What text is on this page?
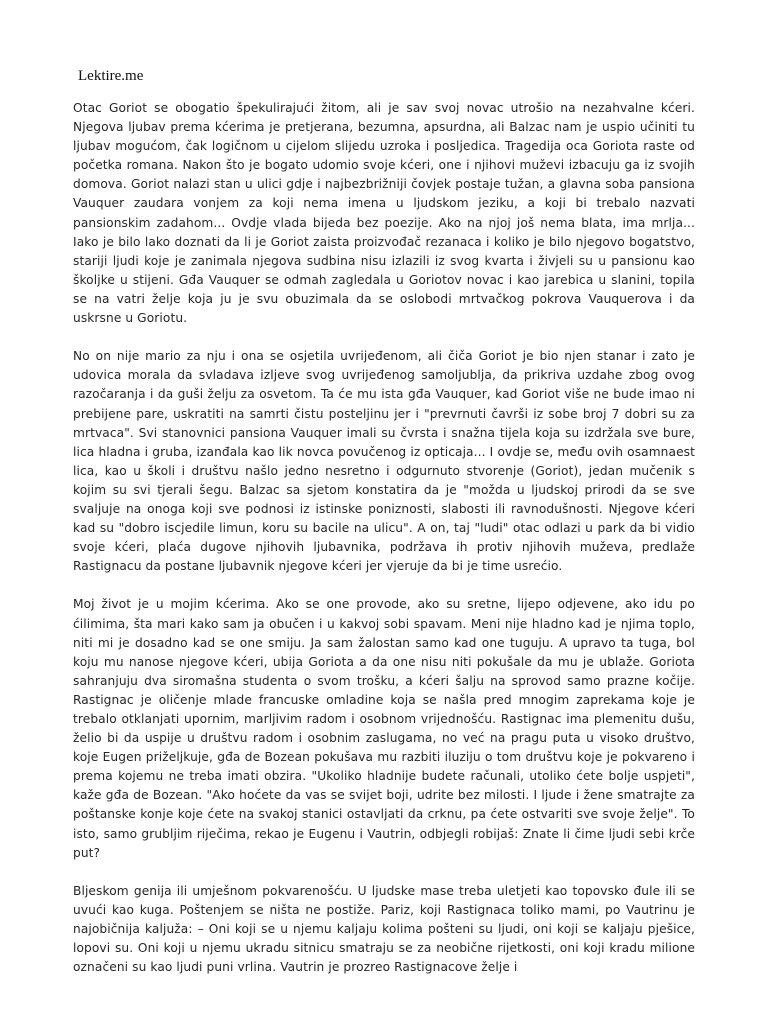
Lektire.me

Otac Goriot se obogatio špekulirajući žitom, ali je sav svoj novac utrošio na nezahvalne kćeri. Njegova ljubav prema kćerima je pretjerana, bezumna, apsurdna, ali Balzac nam je uspio učiniti tu ljubav mogućom, čak logičnom u cijelom slijedu uzroka i posljedica. Tragedija oca Goriota raste od početka romana. Nakon što je bogato udomio svoje kćeri, one i njihovi muževi izbacuju ga iz svojih domova. Goriot nalazi stan u ulici gdje i najbezbrižniji čovjek postaje tužan, a glavna soba pansiona Vauquer zaudara vonjem za koji nema imena u ljudskom jeziku, a koji bi trebalo nazvati pansionskim zadahom... Ovdje vlada bijeda bez poezije. Ako na njoj još nema blata, ima mrlja... Iako je bilo lako doznati da li je Goriot zaista proizvođač rezanaca i koliko je bilo njegovo bogatstvo, stariji ljudi koje je zanimala njegova sudbina nisu izlazili iz svog kvarta i živjeli su u pansionu kao školjke u stijeni. Gđa Vauquer se odmah zagledala u Goriotov novac i kao jarebica u slanini, topila se na vatri želje koja ju je svu obuzimala da se oslobodi mrtvačkog pokrova Vauquerova i da uskrsne u Goriotu.

No on nije mario za nju i ona se osjetila uvrijeđenom, ali čiča Goriot je bio njen stanar i zato je udovica morala da svladava izljeve svog uvrijeđenog samoljublja, da prikriva uzdahe zbog ovog razočaranja i da guši želju za osvetom. Ta će mu ista gđa Vauquer, kad Goriot više ne bude imao ni prebijene pare, uskratiti na samrti čistu posteljinu jer i "prevrnuti čavrši iz sobe broj 7 dobri su za mrtvaca". Svi stanovnici pansiona Vauquer imali su čvrsta i snažna tijela koja su izdržala sve bure, lica hladna i gruba, izanđala kao lik novca povučenog iz opticaja... I ovdje se, među ovih osamnaest lica, kao u školi i društvu našlo jedno nesretno i odgurnuto stvorenje (Goriot), jedan mučenik s kojim su svi tjerali šegu. Balzac sa sjetom konstatira da je "možda u ljudskoj prirodi da se sve svaljuje na onoga koji sve podnosi iz istinske poniznosti, slabosti ili ravnodušnosti. Njegove kćeri kad su "dobro iscjedile limun, koru su bacile na ulicu". A on, taj "ludi" otac odlazi u park da bi vidio svoje kćeri, plaća dugove njihovih ljubavnika, podržava ih protiv njihovih muževa, predlaže Rastignacu da postane ljubavnik njegove kćeri jer vjeruje da bi je time usrećio.

Moj život je u mojim kćerima. Ako se one provode, ako su sretne, lijepo odjevene, ako idu po ćilimima, šta mari kako sam ja obučen i u kakvoj sobi spavam. Meni nije hladno kad je njima toplo, niti mi je dosadno kad se one smiju. Ja sam žalostan samo kad one tuguju. A upravo ta tuga, bol koju mu nanose njegove kćeri, ubija Goriota a da one nisu niti pokušale da mu je ublaže. Goriota sahranjuju dva siromašna studenta o svom trošku, a kćeri šalju na sprovod samo prazne kočije. Rastignac je oličenje mlade francuske omladine koja se našla pred mnogim zaprekama koje je trebalo otklanjati upornim, marljivim radom i osobnom vrijednošću. Rastignac ima plemenitu dušu, želio bi da uspije u društvu radom i osobnim zaslugama, no već na pragu puta u visoko društvo, koje Eugen priželjkuje, gđa de Bozean pokušava mu razbiti iluziju o tom društvu koje je pokvareno i prema kojemu ne treba imati obzira. "Ukoliko hladnije budete računali, utoliko ćete bolje uspjeti", kaže gđa de Bozean. "Ako hoćete da vas se svijet boji, udrite bez milosti. I ljude i žene smatrajte za poštanske konje koje ćete na svakoj stanici ostavljati da crknu, pa ćete ostvariti sve svoje želje". To isto, samo grubljim riječima, rekao je Eugenu i Vautrin, odbjegli robijaš: Znate li čime ljudi sebi krče put?

Bljeskom genija ili umješnom pokvarenošću. U ljudske mase treba uletjeti kao topovsko đule ili se uvući kao kuga. Poštenjem se ništa ne postiže. Pariz, koji Rastignaca toliko mami, po Vautrinu je najobičnija kaljuža: – Oni koji se u njemu kaljaju kolima pošteni su ljudi, oni koji se kaljaju pješice, lopovi su. Oni koji u njemu ukradu sitnicu smatraju se za neobične rijetkosti, oni koji kradu milione označeni su kao ljudi puni vrlina. Vautrin je prozreo Rastignacove želje i
